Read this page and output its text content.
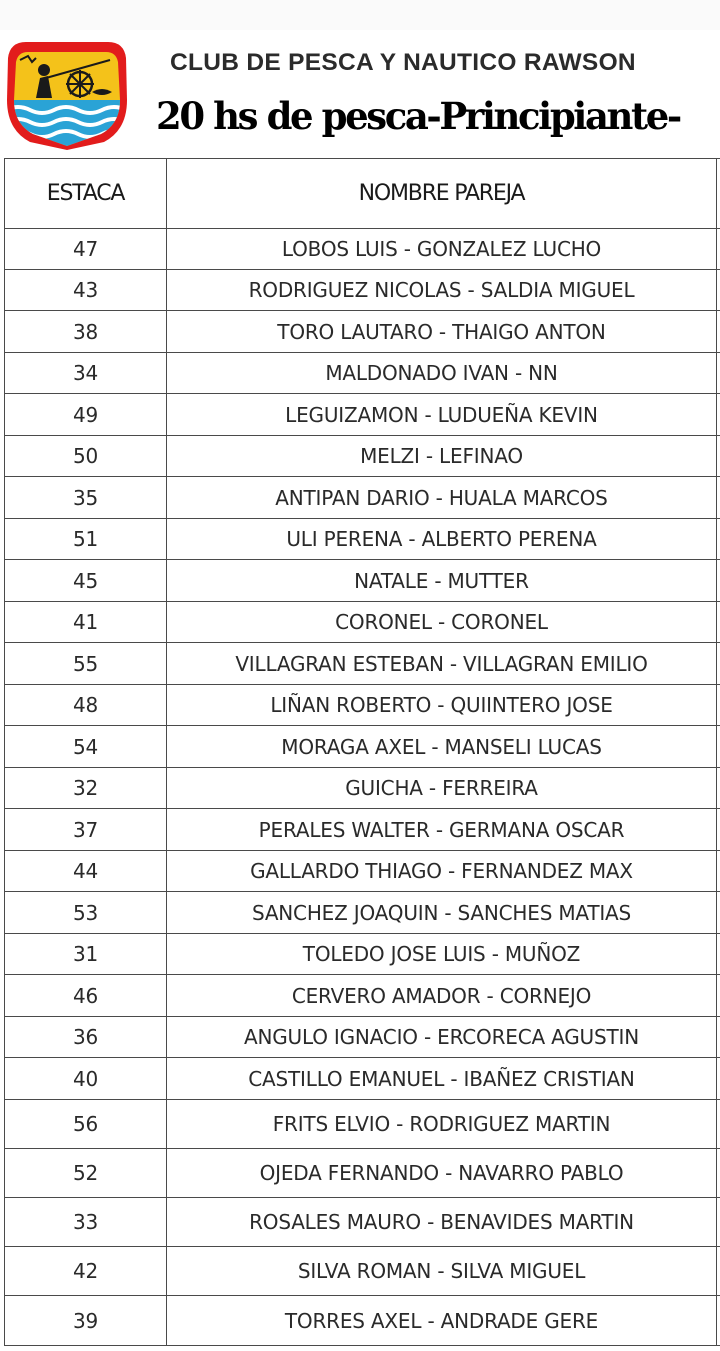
CLUB DE PESCA Y NAUTICO RAWSON
20 hs de pesca-Principiante-
ESTACA	NOMBRE PAREJA	
47	LOBOS LUIS - GONZALEZ LUCHO	
43	RODRIGUEZ NICOLAS - SALDIA MIGUEL	
38	TORO LAUTARO - THAIGO ANTON	
34	MALDONADO IVAN - NN	
49	LEGUIZAMON - LUDUEÑA KEVIN	
50	MELZI - LEFINAO	
35	ANTIPAN DARIO - HUALA MARCOS	
51	ULI PERENA - ALBERTO PERENA	
45	NATALE - MUTTER	
41	CORONEL - CORONEL	
55	VILLAGRAN ESTEBAN - VILLAGRAN EMILIO	
48	LIÑAN ROBERTO - QUIINTERO JOSE	
54	MORAGA AXEL - MANSELI LUCAS	
32	GUICHA - FERREIRA	
37	PERALES WALTER - GERMANA OSCAR	
44	GALLARDO THIAGO - FERNANDEZ MAX	
53	SANCHEZ JOAQUIN - SANCHES MATIAS	
31	TOLEDO JOSE LUIS - MUÑOZ	
46	CERVERO AMADOR - CORNEJO	
36	ANGULO IGNACIO - ERCORECA AGUSTIN	
40	CASTILLO EMANUEL - IBAÑEZ CRISTIAN	
56	FRITS ELVIO - RODRIGUEZ MARTIN	
52	OJEDA FERNANDO - NAVARRO PABLO	
33	ROSALES MAURO - BENAVIDES MARTIN	
42	SILVA ROMAN - SILVA MIGUEL	
39	TORRES AXEL - ANDRADE GERE	
